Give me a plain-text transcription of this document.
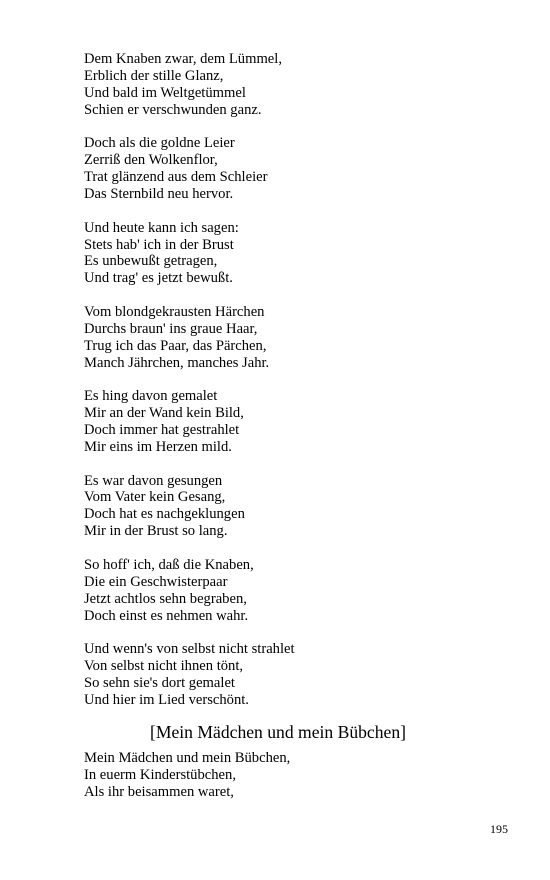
Dem Knaben zwar, dem Lümmel,
Erblich der stille Glanz,
Und bald im Weltgetümmel
Schien er verschwunden ganz.
Doch als die goldne Leier
Zerriß den Wolkenflor,
Trat glänzend aus dem Schleier
Das Sternbild neu hervor.
Und heute kann ich sagen:
Stets hab' ich in der Brust
Es unbewußt getragen,
Und trag' es jetzt bewußt.
Vom blondgekrausten Härchen
Durchs braun' ins graue Haar,
Trug ich das Paar, das Pärchen,
Manch Jährchen, manches Jahr.
Es hing davon gemalet
Mir an der Wand kein Bild,
Doch immer hat gestrahlet
Mir eins im Herzen mild.
Es war davon gesungen
Vom Vater kein Gesang,
Doch hat es nachgeklungen
Mir in der Brust so lang.
So hoff' ich, daß die Knaben,
Die ein Geschwisterpaar
Jetzt achtlos sehn begraben,
Doch einst es nehmen wahr.
Und wenn's von selbst nicht strahlet
Von selbst nicht ihnen tönt,
So sehn sie's dort gemalet
Und hier im Lied verschönt.
[Mein Mädchen und mein Bübchen]
Mein Mädchen und mein Bübchen,
In euerm Kinderstübchen,
Als ihr beisammen waret,
195
